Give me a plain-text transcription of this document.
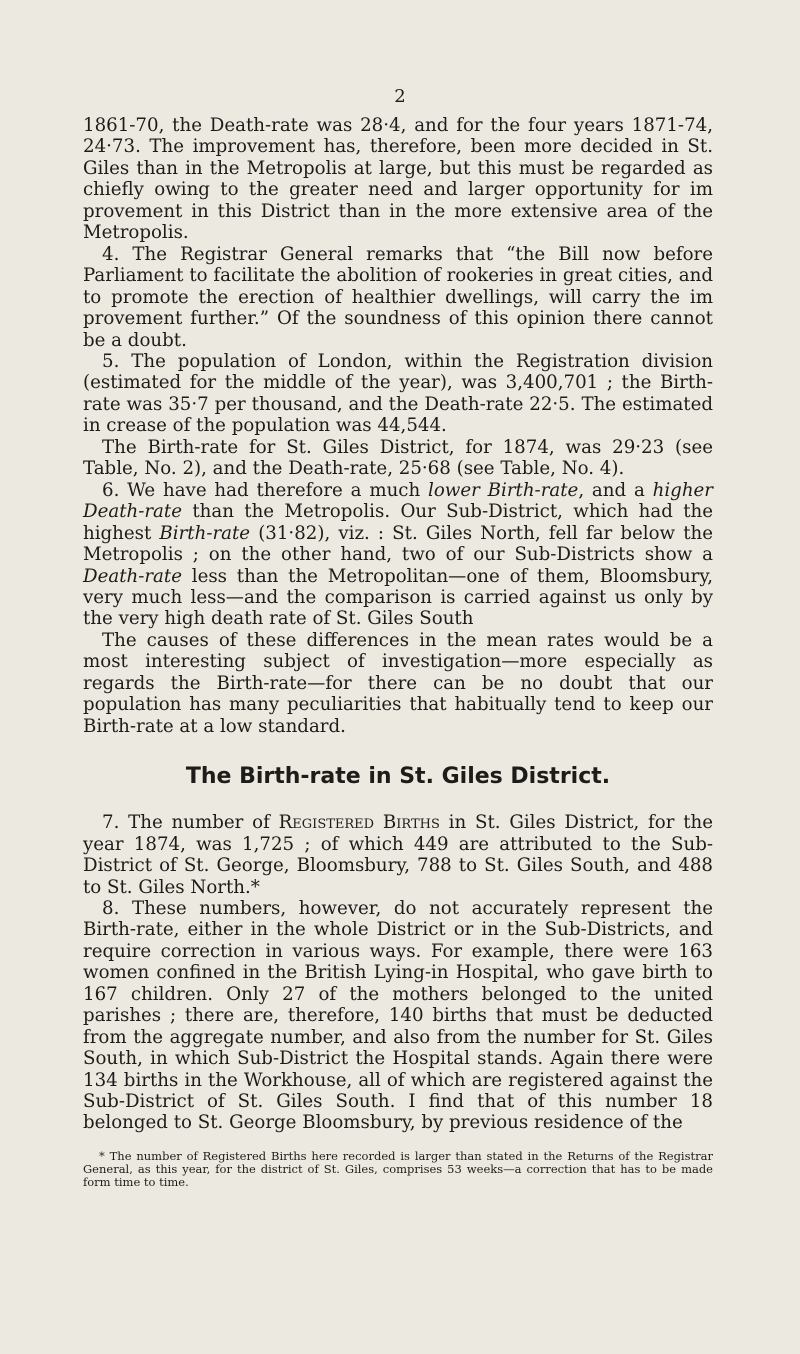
2

1861-70, the Death-rate was 28·4, and for the four years 1871-74, 24·73. The improvement has, therefore, been more decided in St. Giles than in the Metropolis at large, but this must be regarded as chiefly owing to the greater need and larger opportunity for im provement in this District than in the more extensive area of the Metropolis.

4. The Registrar General remarks that “the Bill now before Parliament to facilitate the abolition of rookeries in great cities, and to promote the erection of healthier dwellings, will carry the im provement further.” Of the soundness of this opinion there cannot be a doubt.

5. The population of London, within the Registration division (estimated for the middle of the year), was 3,400,701 ; the Birth-rate was 35·7 per thousand, and the Death-rate 22·5. The estimated in crease of the population was 44,544.

The Birth-rate for St. Giles District, for 1874, was 29·23 (see Table, No. 2), and the Death-rate, 25·68 (see Table, No. 4).

6. We have had therefore a much lower Birth-rate, and a higher Death-rate than the Metropolis. Our Sub-District, which had the highest Birth-rate (31·82), viz. : St. Giles North, fell far below the Metropolis ; on the other hand, two of our Sub-Districts show a Death-rate less than the Metropolitan—one of them, Bloomsbury, very much less—and the comparison is carried against us only by the very high death rate of St. Giles South

The causes of these differences in the mean rates would be a most interesting subject of investigation—more especially as regards the Birth-rate—for there can be no doubt that our population has many peculiarities that habitually tend to keep our Birth-rate at a low standard.

The Birth-rate in St. Giles District.

7. The number of Registered Births in St. Giles District, for the year 1874, was 1,725 ; of which 449 are attributed to the Sub-District of St. George, Bloomsbury, 788 to St. Giles South, and 488 to St. Giles North.*

8. These numbers, however, do not accurately represent the Birth-rate, either in the whole District or in the Sub-Districts, and require correction in various ways. For example, there were 163 women confined in the British Lying-in Hospital, who gave birth to 167 children. Only 27 of the mothers belonged to the united parishes ; there are, therefore, 140 births that must be deducted from the aggregate number, and also from the number for St. Giles South, in which Sub-District the Hospital stands. Again there were 134 births in the Workhouse, all of which are registered against the Sub-District of St. Giles South. I find that of this number 18 belonged to St. George Bloomsbury, by previous residence of the

* The number of Registered Births here recorded is larger than stated in the Returns of the Registrar General, as this year, for the district of St. Giles, comprises 53 weeks—a correction that has to be made form time to time.
